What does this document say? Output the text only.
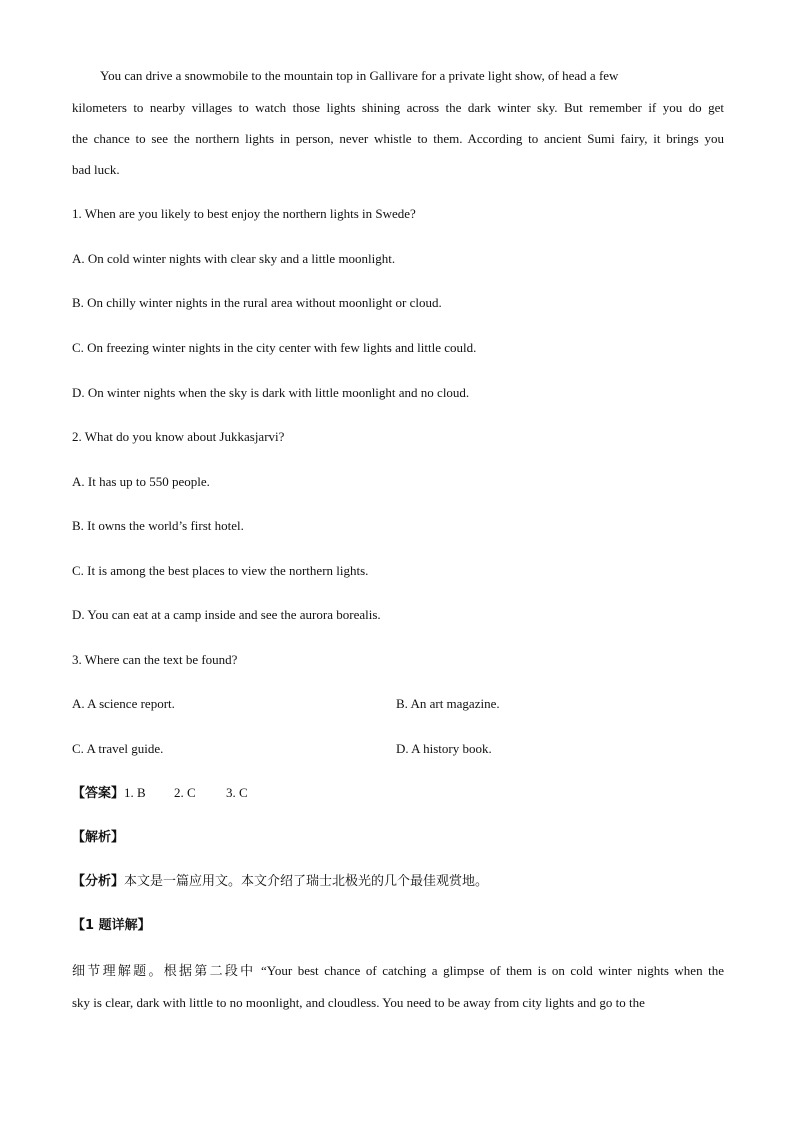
You can drive a snowmobile to the mountain top in Gallivare for a private light show, of head a few
kilometers to nearby villages to watch those lights shining across the dark winter sky. But remember if you do get
the chance to see the northern lights in person, never whistle to them. According to ancient Sumi fairy, it brings you
bad luck.
1. When are you likely to best enjoy the northern lights in Swede?
A. On cold winter nights with clear sky and a little moonlight.
B. On chilly winter nights in the rural area without moonlight or cloud.
C. On freezing winter nights in the city center with few lights and little could.
D. On winter nights when the sky is dark with little moonlight and no cloud.
2. What do you know about Jukkasjarvi?
A. It has up to 550 people.
B. It owns the world’s first hotel.
C. It is among the best places to view the northern lights.
D. You can eat at a camp inside and see the aurora borealis.
3. Where can the text be found?
A. A science report.	B. An art magazine.
C. A travel guide.	D. A history book.
【答案】1. B 2. C 3. C
【解析】
【分析】本文是一篇应用文。本文介绍了瑞士北极光的几个最佳观赏地。
【1 题详解】
细节理解题。根据第二段中 “Your best chance of catching a glimpse of them is on cold winter nights when the
sky is clear, dark with little to no moonlight, and cloudless. You need to be away from city lights and go to the
